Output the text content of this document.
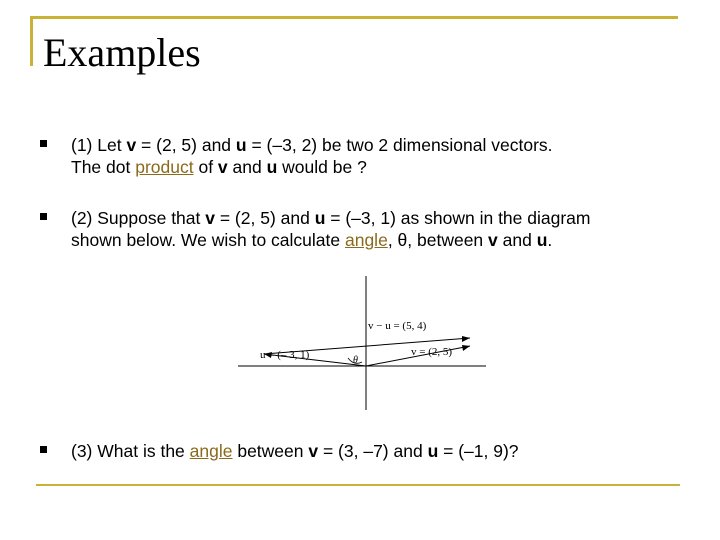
Examples
(1) Let v = (2, 5) and u = (–3, 2) be two 2 dimensional vectors.
The dot product of v and u would be ?
(2) Suppose that v = (2, 5) and u = (–3, 1) as shown in the diagram
shown below. We wish to calculate angle, θ, between v and u.
v − u = (5, 4)
u = (– 3, 1)	v = (2, 5)
θ
(3) What is the angle between v = (3, –7) and u = (–1, 9)?
